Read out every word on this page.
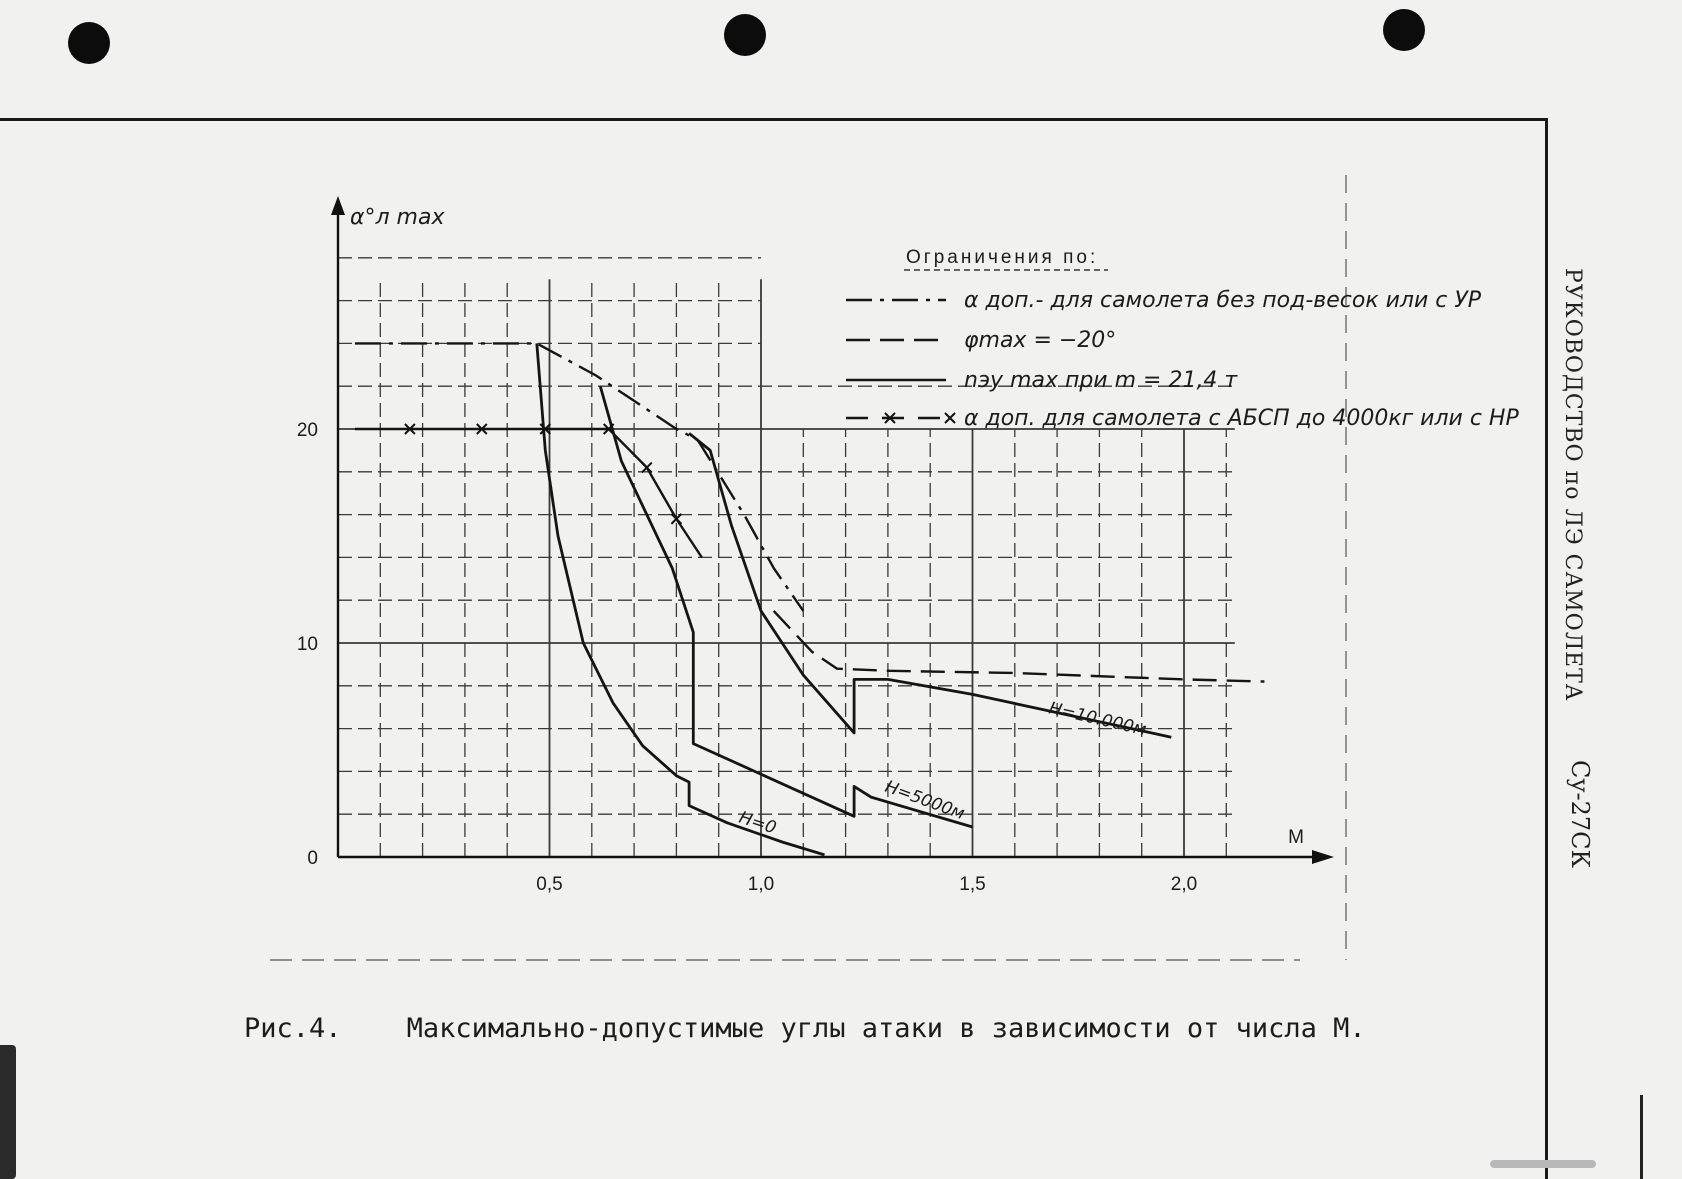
РУКОВОДСТВО по ЛЭ САМОЛЕТА
Су-27СК
0,5	1,0	1,5	2,0
0
10
20
M
α°л max
Ограничения по:
α доп.- для самолета без под-весок или с УР
φmax = −20°
nэy max при m = 21,4 т
α доп. для самолета с АБСП до 4000кг или с НР
H=10.000м
H=5000м
H=0
Рис.4. Максимально-допустимые углы атаки в зависимости от числа М.
